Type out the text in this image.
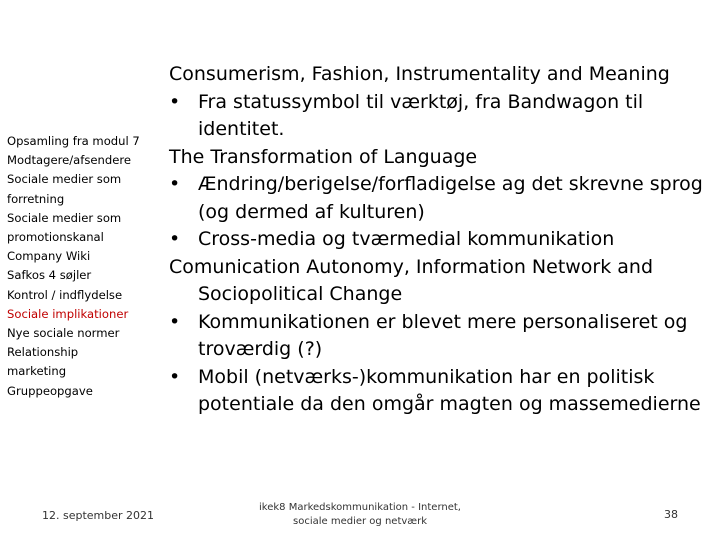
Opsamling fra modul 7
Modtagere/afsendere
Sociale medier som
forretning
Sociale medier som
promotionskanal
Company Wiki
Safkos 4 søjler
Kontrol / indflydelse
Sociale implikationer
Nye sociale normer
Relationship
marketing
Gruppeopgave
Consumerism, Fashion, Instrumentality and Meaning
• Fra statussymbol til værktøj, fra Bandwagon til identitet.
The Transformation of Language
• Ændring/berigelse/forfladigelse ag det skrevne sprog (og dermed af kulturen)
• Cross-media og tværmedial kommunikation
Comunication Autonomy, Information Network and Sociopolitical Change
• Kommunikationen er blevet mere personaliseret og troværdig (?)
• Mobil (netværks-)kommunikation har en politisk potentiale da den omgår magten og massemedierne
12. september 2021
ikek8 Markedskommunikation - Internet,
sociale medier og netværk
38
